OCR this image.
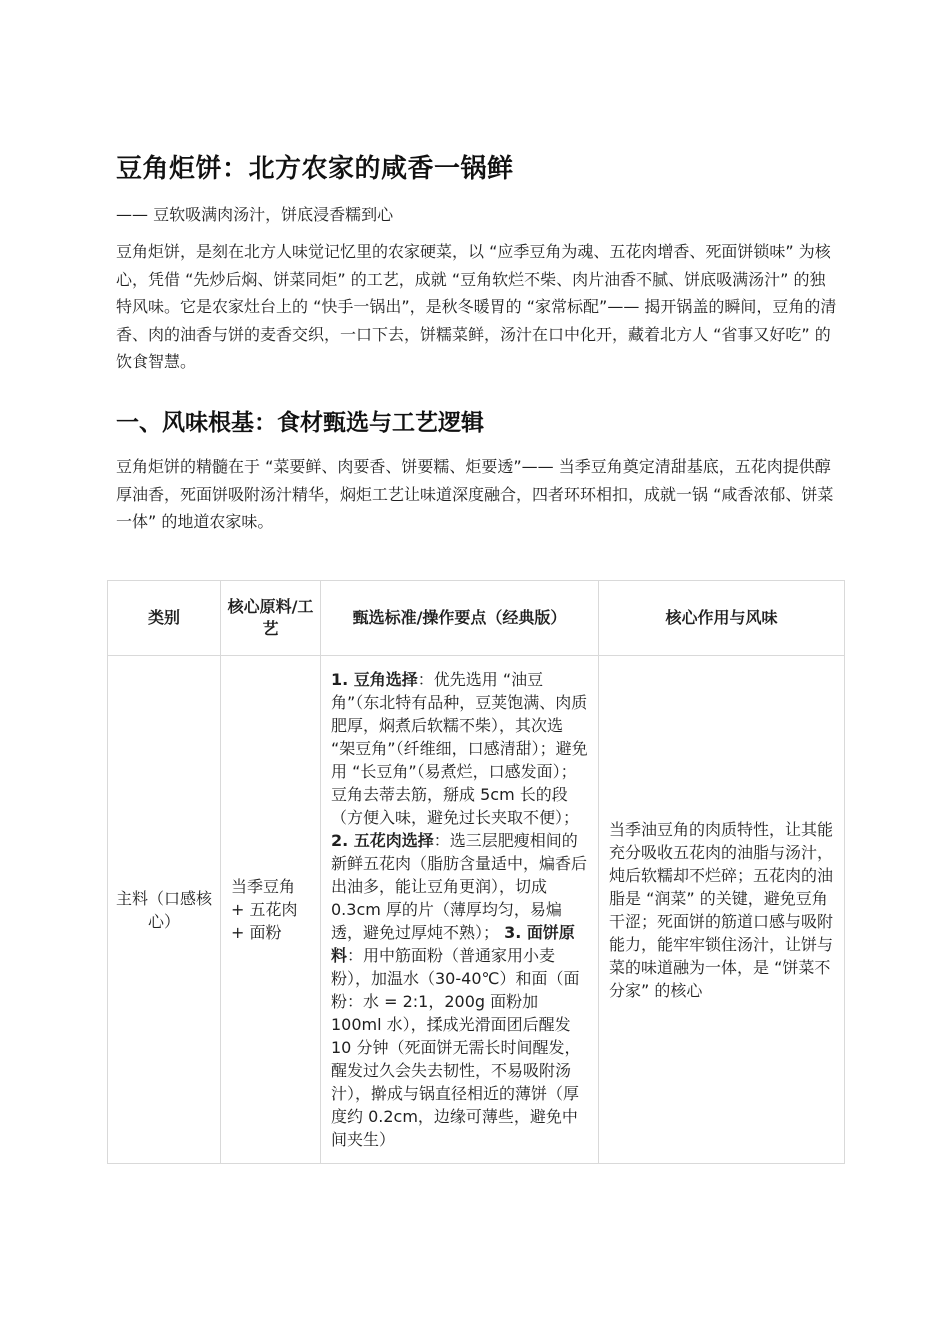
豆角炬饼：北方农家的咸香一锅鲜
—— 豆软吸满肉汤汁，饼底浸香糯到心
豆角炬饼，是刻在北方人味觉记忆里的农家硬菜，以 “应季豆角为魂、五花肉增香、死面饼锁味” 为核心，凭借 “先炒后焖、饼菜同炬” 的工艺，成就 “豆角软烂不柴、肉片油香不腻、饼底吸满汤汁” 的独特风味。它是农家灶台上的 “快手一锅出”，是秋冬暖胃的 “家常标配”—— 揭开锅盖的瞬间，豆角的清香、肉的油香与饼的麦香交织，一口下去，饼糯菜鲜，汤汁在口中化开，藏着北方人 “省事又好吃” 的饮食智慧。
一、风味根基：食材甄选与工艺逻辑
豆角炬饼的精髓在于 “菜要鲜、肉要香、饼要糯、炬要透”—— 当季豆角奠定清甜基底，五花肉提供醇厚油香，死面饼吸附汤汁精华，焖炬工艺让味道深度融合，四者环环相扣，成就一锅 “咸香浓郁、饼菜一体” 的地道农家味。
类别	核心原料/工艺	甄选标准/操作要点（经典版）	核心作用与风味
主料（口感核心）	当季豆角 + 五花肉 + 面粉	1. 豆角选择：优先选用 “油豆角”（东北特有品种，豆荚饱满、肉质肥厚，焖煮后软糯不柴），其次选 “架豆角”（纤维细，口感清甜）；避免用 “长豆角”（易煮烂，口感发面）；豆角去蒂去筋，掰成 5cm 长的段（方便入味，避免过长夹取不便）； 2. 五花肉选择：选三层肥瘦相间的新鲜五花肉（脂肪含量适中，煸香后出油多，能让豆角更润），切成 0.3cm 厚的片（薄厚均匀，易煸透，避免过厚炖不熟）； 3. 面饼原料：用中筋面粉（普通家用小麦粉），加温水（30-40℃）和面（面粉：水 = 2:1，200g 面粉加 100ml 水），揉成光滑面团后醒发 10 分钟（死面饼无需长时间醒发，醒发过久会失去韧性，不易吸附汤汁），擀成与锅直径相近的薄饼（厚度约 0.2cm，边缘可薄些，避免中间夹生）	当季油豆角的肉质特性，让其能充分吸收五花肉的油脂与汤汁，炖后软糯却不烂碎；五花肉的油脂是 “润菜” 的关键，避免豆角干涩；死面饼的筋道口感与吸附能力，能牢牢锁住汤汁，让饼与菜的味道融为一体，是 “饼菜不分家” 的核心
